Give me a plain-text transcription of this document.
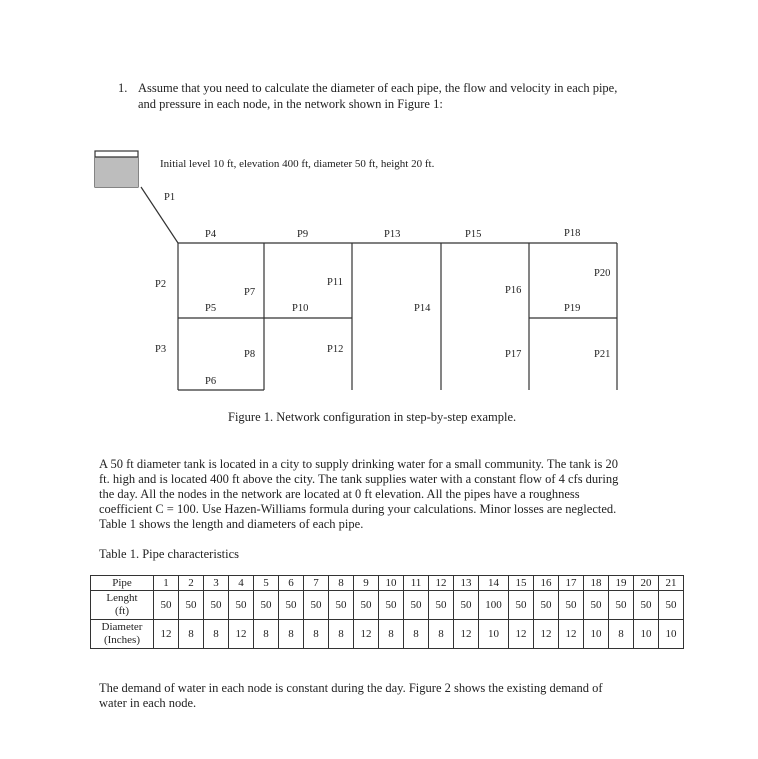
1. Assume that you need to calculate the diameter of each pipe, the flow and velocity in each pipe,
and pressure in each node, in the network shown in Figure 1:
Initial level 10 ft, elevation 400 ft, diameter 50 ft, height 20 ft.
P1
P2
P3
P4
P5
P6
P7
P8
P9
P10
P11
P12
P13
P14
P15
P16
P17
P18
P19
P20
P21
Figure 1. Network configuration in step-by-step example.
A 50 ft diameter tank is located in a city to supply drinking water for a small community. The tank is 20
ft. high and is located 400 ft above the city. The tank supplies water with a constant flow of 4 cfs during
the day. All the nodes in the network are located at 0 ft elevation. All the pipes have a roughness
coefficient C = 100. Use Hazen-Williams formula during your calculations. Minor losses are neglected.
Table 1 shows the length and diameters of each pipe.
Table 1. Pipe characteristics
Pipe	1	2	3	4	5	6	7	8	9	10	11	12	13	14	15	16	17	18	19	20	21

Lenght
(ft)	50	50	50	50	50	50	50	50	50	50	50	50	50	100	50	50	50	50	50	50	50

Diameter
(Inches)	12	8	8	12	8	8	8	8	12	8	8	8	12	10	12	12	12	10	8	10	10
The demand of water in each node is constant during the day. Figure 2 shows the existing demand of
water in each node.
